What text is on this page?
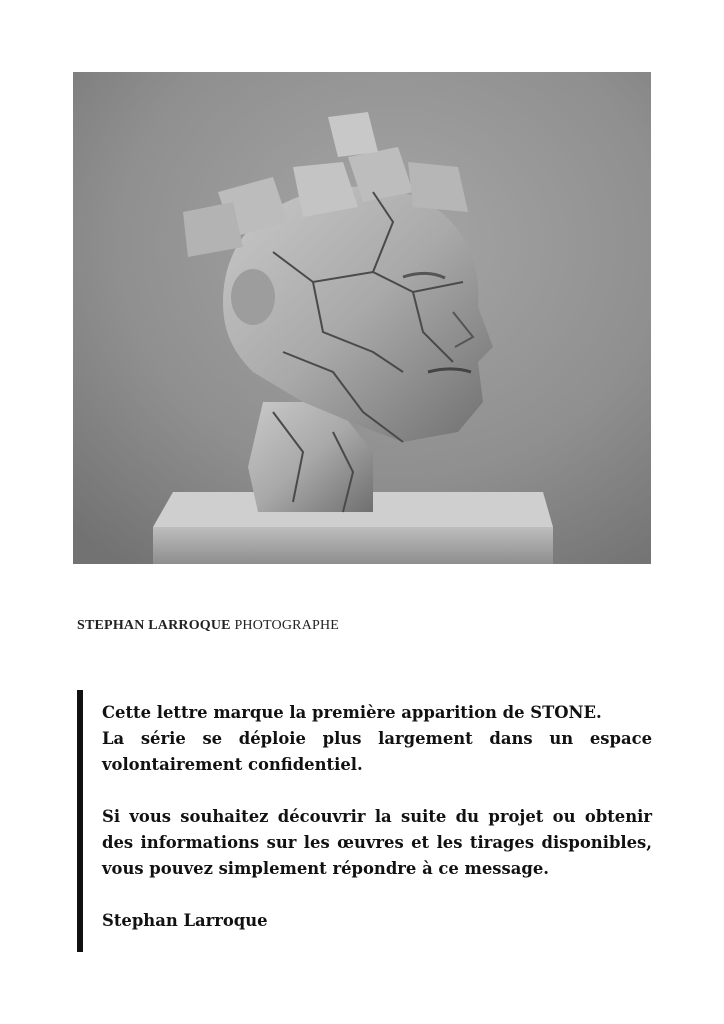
STEPHAN LARROQUE PHOTOGRAPHE

Cette lettre marque la première apparition de STONE.

La série se déploie plus largement dans un espace volontairement confidentiel.

Si vous souhaitez découvrir la suite du projet ou obtenir des informations sur les œuvres et les tirages disponibles, vous pouvez simplement répondre à ce message.

Stephan Larroque
